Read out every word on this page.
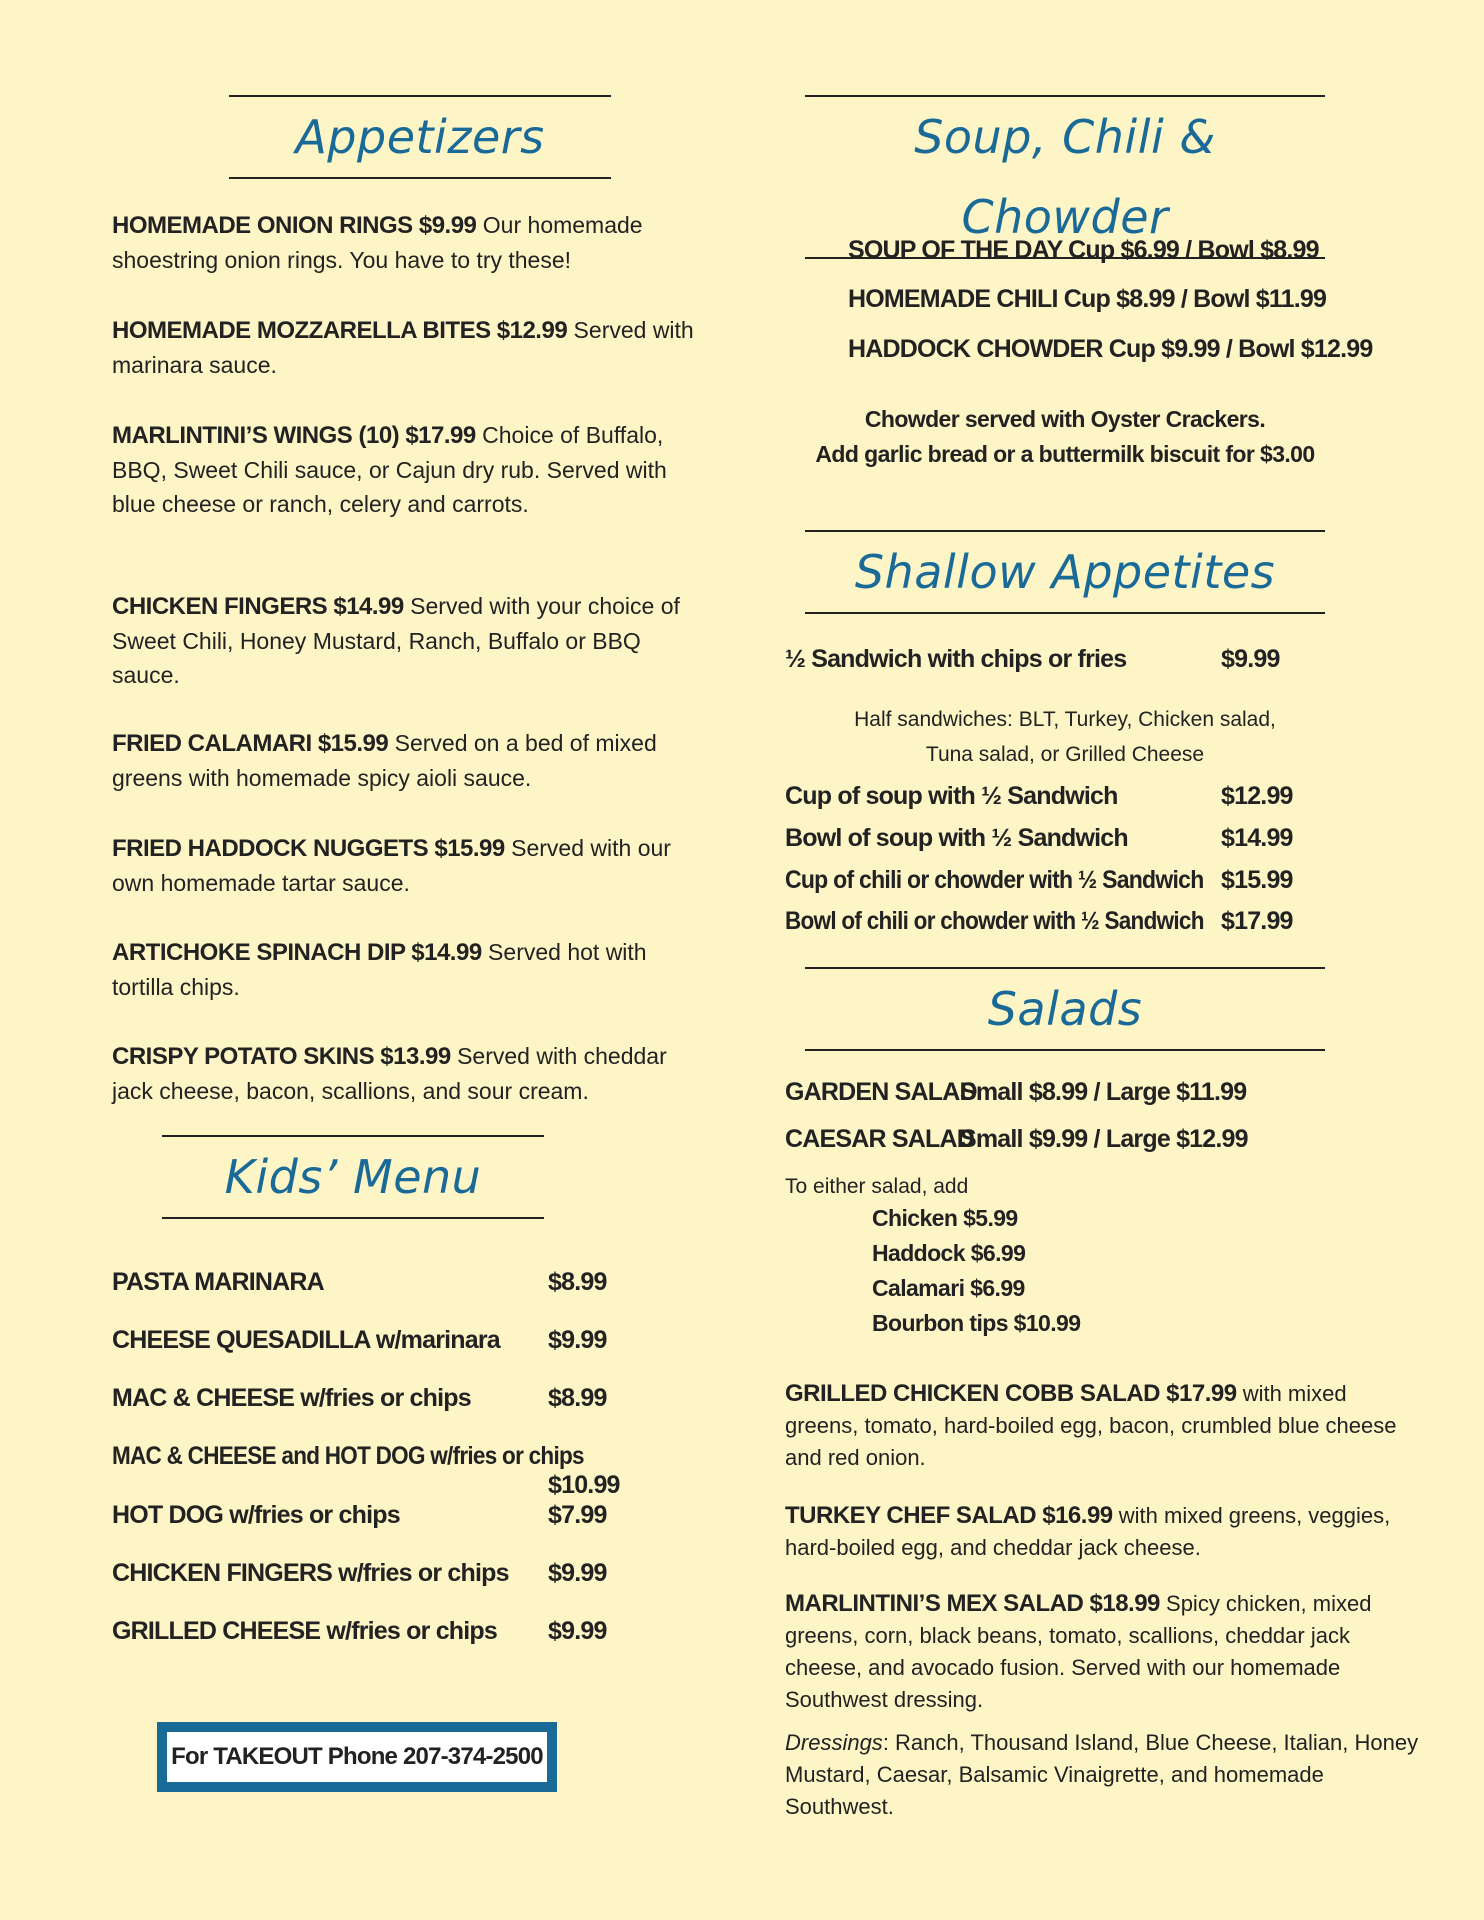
Appetizers
HOMEMADE ONION RINGS $9.99 Our homemade shoestring onion rings. You have to try these!
HOMEMADE MOZZARELLA BITES $12.99 Served with marinara sauce.
MARLINTINI’S WINGS (10) $17.99 Choice of Buffalo, BBQ, Sweet Chili sauce, or Cajun dry rub. Served with blue cheese or ranch, celery and carrots.
CHICKEN FINGERS $14.99 Served with your choice of Sweet Chili, Honey Mustard, Ranch, Buffalo or BBQ sauce.
FRIED CALAMARI $15.99 Served on a bed of mixed greens with homemade spicy aioli sauce.
FRIED HADDOCK NUGGETS $15.99 Served with our own homemade tartar sauce.
ARTICHOKE SPINACH DIP $14.99 Served hot with tortilla chips.
CRISPY POTATO SKINS $13.99 Served with cheddar jack cheese, bacon, scallions, and sour cream.
Kids’ Menu
PASTA MARINARA	$8.99
CHEESE QUESADILLA w/marinara $9.99
MAC & CHEESE w/fries or chips	$8.99
MAC & CHEESE and HOT DOG w/fries or chips
$10.99
HOT DOG w/fries or chips	$7.99
CHICKEN FINGERS w/fries or chips $9.99
GRILLED CHEESE w/fries or chips $9.99
For TAKEOUT Phone 207-374-2500
Soup, Chili & Chowder
SOUP OF THE DAY Cup $6.99 / Bowl $8.99
HOMEMADE CHILI Cup $8.99 / Bowl $11.99
HADDOCK CHOWDER Cup $9.99 / Bowl $12.99
Chowder served with Oyster Crackers.
Add garlic bread or a buttermilk biscuit for $3.00
Shallow Appetites
½ Sandwich with chips or fries	$9.99
Half sandwiches: BLT, Turkey, Chicken salad,
Tuna salad, or Grilled Cheese
Cup of soup with ½ Sandwich	$12.99
Bowl of soup with ½ Sandwich	$14.99
Cup of chili or chowder with ½ Sandwich $15.99
Bowl of chili or chowder with ½ Sandwich $17.99
Salads
GARDEN SALAD
Small $8.99 / Large $11.99
CAESAR SALAD
Small $9.99 / Large $12.99
To either salad, add
Chicken $5.99
Haddock $6.99
Calamari $6.99
Bourbon tips $10.99
GRILLED CHICKEN COBB SALAD $17.99 with mixed greens, tomato, hard-boiled egg, bacon, crumbled blue cheese and red onion.
TURKEY CHEF SALAD $16.99 with mixed greens, veggies, hard-boiled egg, and cheddar jack cheese.
MARLINTINI’S MEX SALAD $18.99 Spicy chicken, mixed greens, corn, black beans, tomato, scallions, cheddar jack cheese, and avocado fusion. Served with our homemade Southwest dressing.
Dressings: Ranch, Thousand Island, Blue Cheese, Italian, Honey Mustard, Caesar, Balsamic Vinaigrette, and homemade Southwest.
